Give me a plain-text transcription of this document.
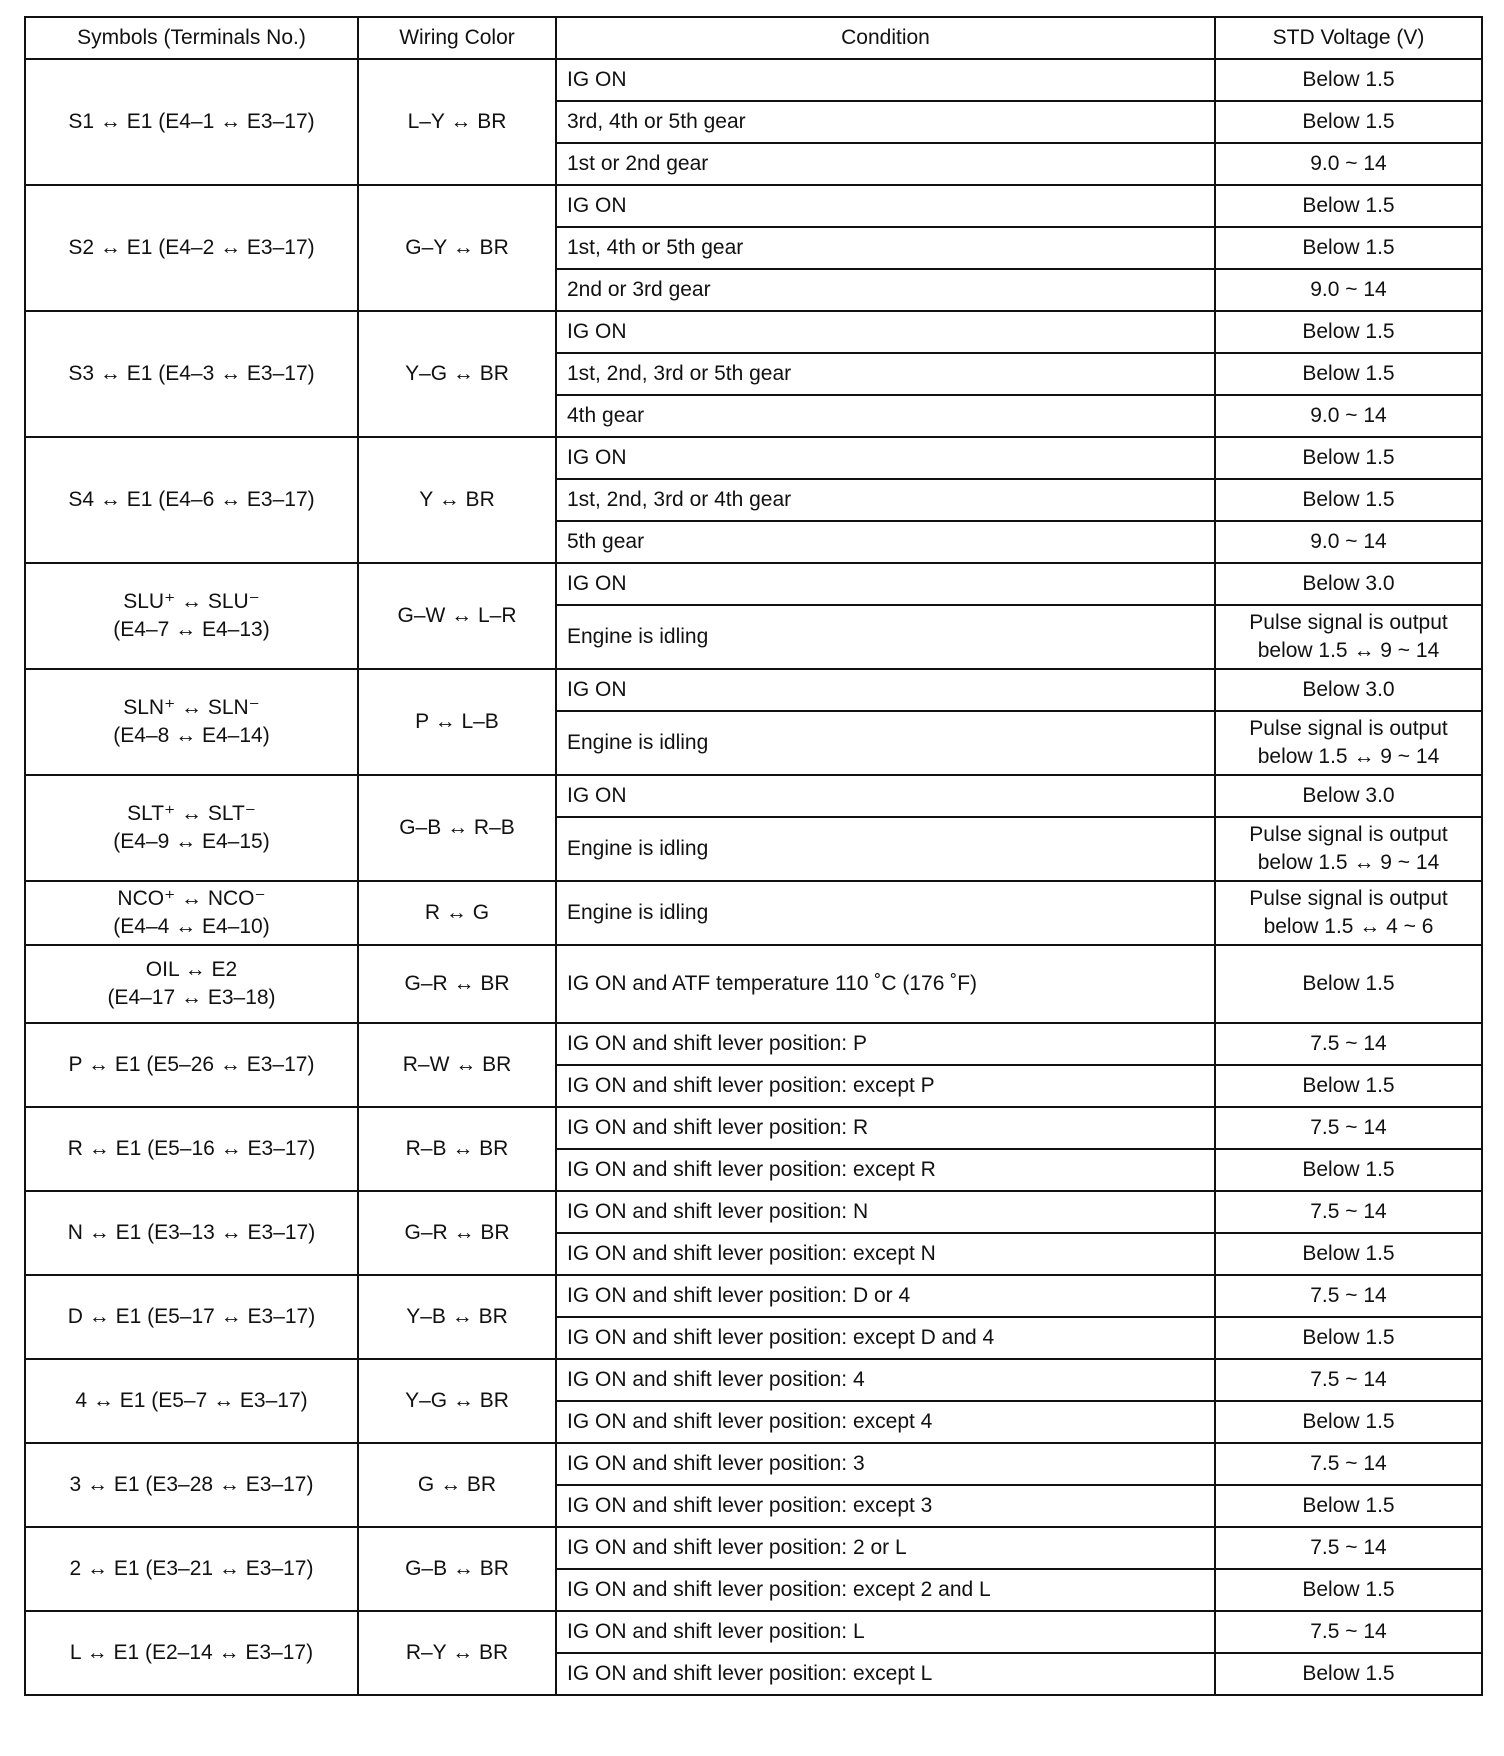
Symbols (Terminals No.)	Wiring Color	Condition	STD Voltage (V)

S1 ↔ E1 (E4–1 ↔ E3–17)	L–Y ↔ BR	IG ON	Below 1.5

		3rd, 4th or 5th gear	Below 1.5

		1st or 2nd gear	9.0 ~ 14

S2 ↔ E1 (E4–2 ↔ E3–17)	G–Y ↔ BR	IG ON	Below 1.5

		1st, 4th or 5th gear	Below 1.5

		2nd or 3rd gear	9.0 ~ 14

S3 ↔ E1 (E4–3 ↔ E3–17)	Y–G ↔ BR	IG ON	Below 1.5

		1st, 2nd, 3rd or 5th gear	Below 1.5

		4th gear	9.0 ~ 14

S4 ↔ E1 (E4–6 ↔ E3–17)	Y ↔ BR	IG ON	Below 1.5

		1st, 2nd, 3rd or 4th gear	Below 1.5

		5th gear	9.0 ~ 14

SLU⁺ ↔ SLU⁻
(E4–7 ↔ E4–13)	G–W ↔ L–R	IG ON	Below 3.0

		Engine is idling	Pulse signal is output
below 1.5 ↔ 9 ~ 14

SLN⁺ ↔ SLN⁻
(E4–8 ↔ E4–14)	P ↔ L–B	IG ON	Below 3.0

		Engine is idling	Pulse signal is output
below 1.5 ↔ 9 ~ 14

SLT⁺ ↔ SLT⁻
(E4–9 ↔ E4–15)	G–B ↔ R–B	IG ON	Below 3.0

		Engine is idling	Pulse signal is output
below 1.5 ↔ 9 ~ 14

NCO⁺ ↔ NCO⁻
(E4–4 ↔ E4–10)	R ↔ G	Engine is idling	Pulse signal is output
below 1.5 ↔ 4 ~ 6

OIL ↔ E2
(E4–17 ↔ E3–18)	G–R ↔ BR	IG ON and ATF temperature 110 ˚C (176 ˚F)	Below 1.5

P ↔ E1 (E5–26 ↔ E3–17)	R–W ↔ BR	IG ON and shift lever position: P	7.5 ~ 14

		IG ON and shift lever position: except P	Below 1.5

R ↔ E1 (E5–16 ↔ E3–17)	R–B ↔ BR	IG ON and shift lever position: R	7.5 ~ 14

		IG ON and shift lever position: except R	Below 1.5

N ↔ E1 (E3–13 ↔ E3–17)	G–R ↔ BR	IG ON and shift lever position: N	7.5 ~ 14

		IG ON and shift lever position: except N	Below 1.5

D ↔ E1 (E5–17 ↔ E3–17)	Y–B ↔ BR	IG ON and shift lever position: D or 4	7.5 ~ 14

		IG ON and shift lever position: except D and 4	Below 1.5

4 ↔ E1 (E5–7 ↔ E3–17)	Y–G ↔ BR	IG ON and shift lever position: 4	7.5 ~ 14

		IG ON and shift lever position: except 4	Below 1.5

3 ↔ E1 (E3–28 ↔ E3–17)	G ↔ BR	IG ON and shift lever position: 3	7.5 ~ 14

		IG ON and shift lever position: except 3	Below 1.5

2 ↔ E1 (E3–21 ↔ E3–17)	G–B ↔ BR	IG ON and shift lever position: 2 or L	7.5 ~ 14

		IG ON and shift lever position: except 2 and L	Below 1.5

L ↔ E1 (E2–14 ↔ E3–17)	R–Y ↔ BR	IG ON and shift lever position: L	7.5 ~ 14

		IG ON and shift lever position: except L	Below 1.5
